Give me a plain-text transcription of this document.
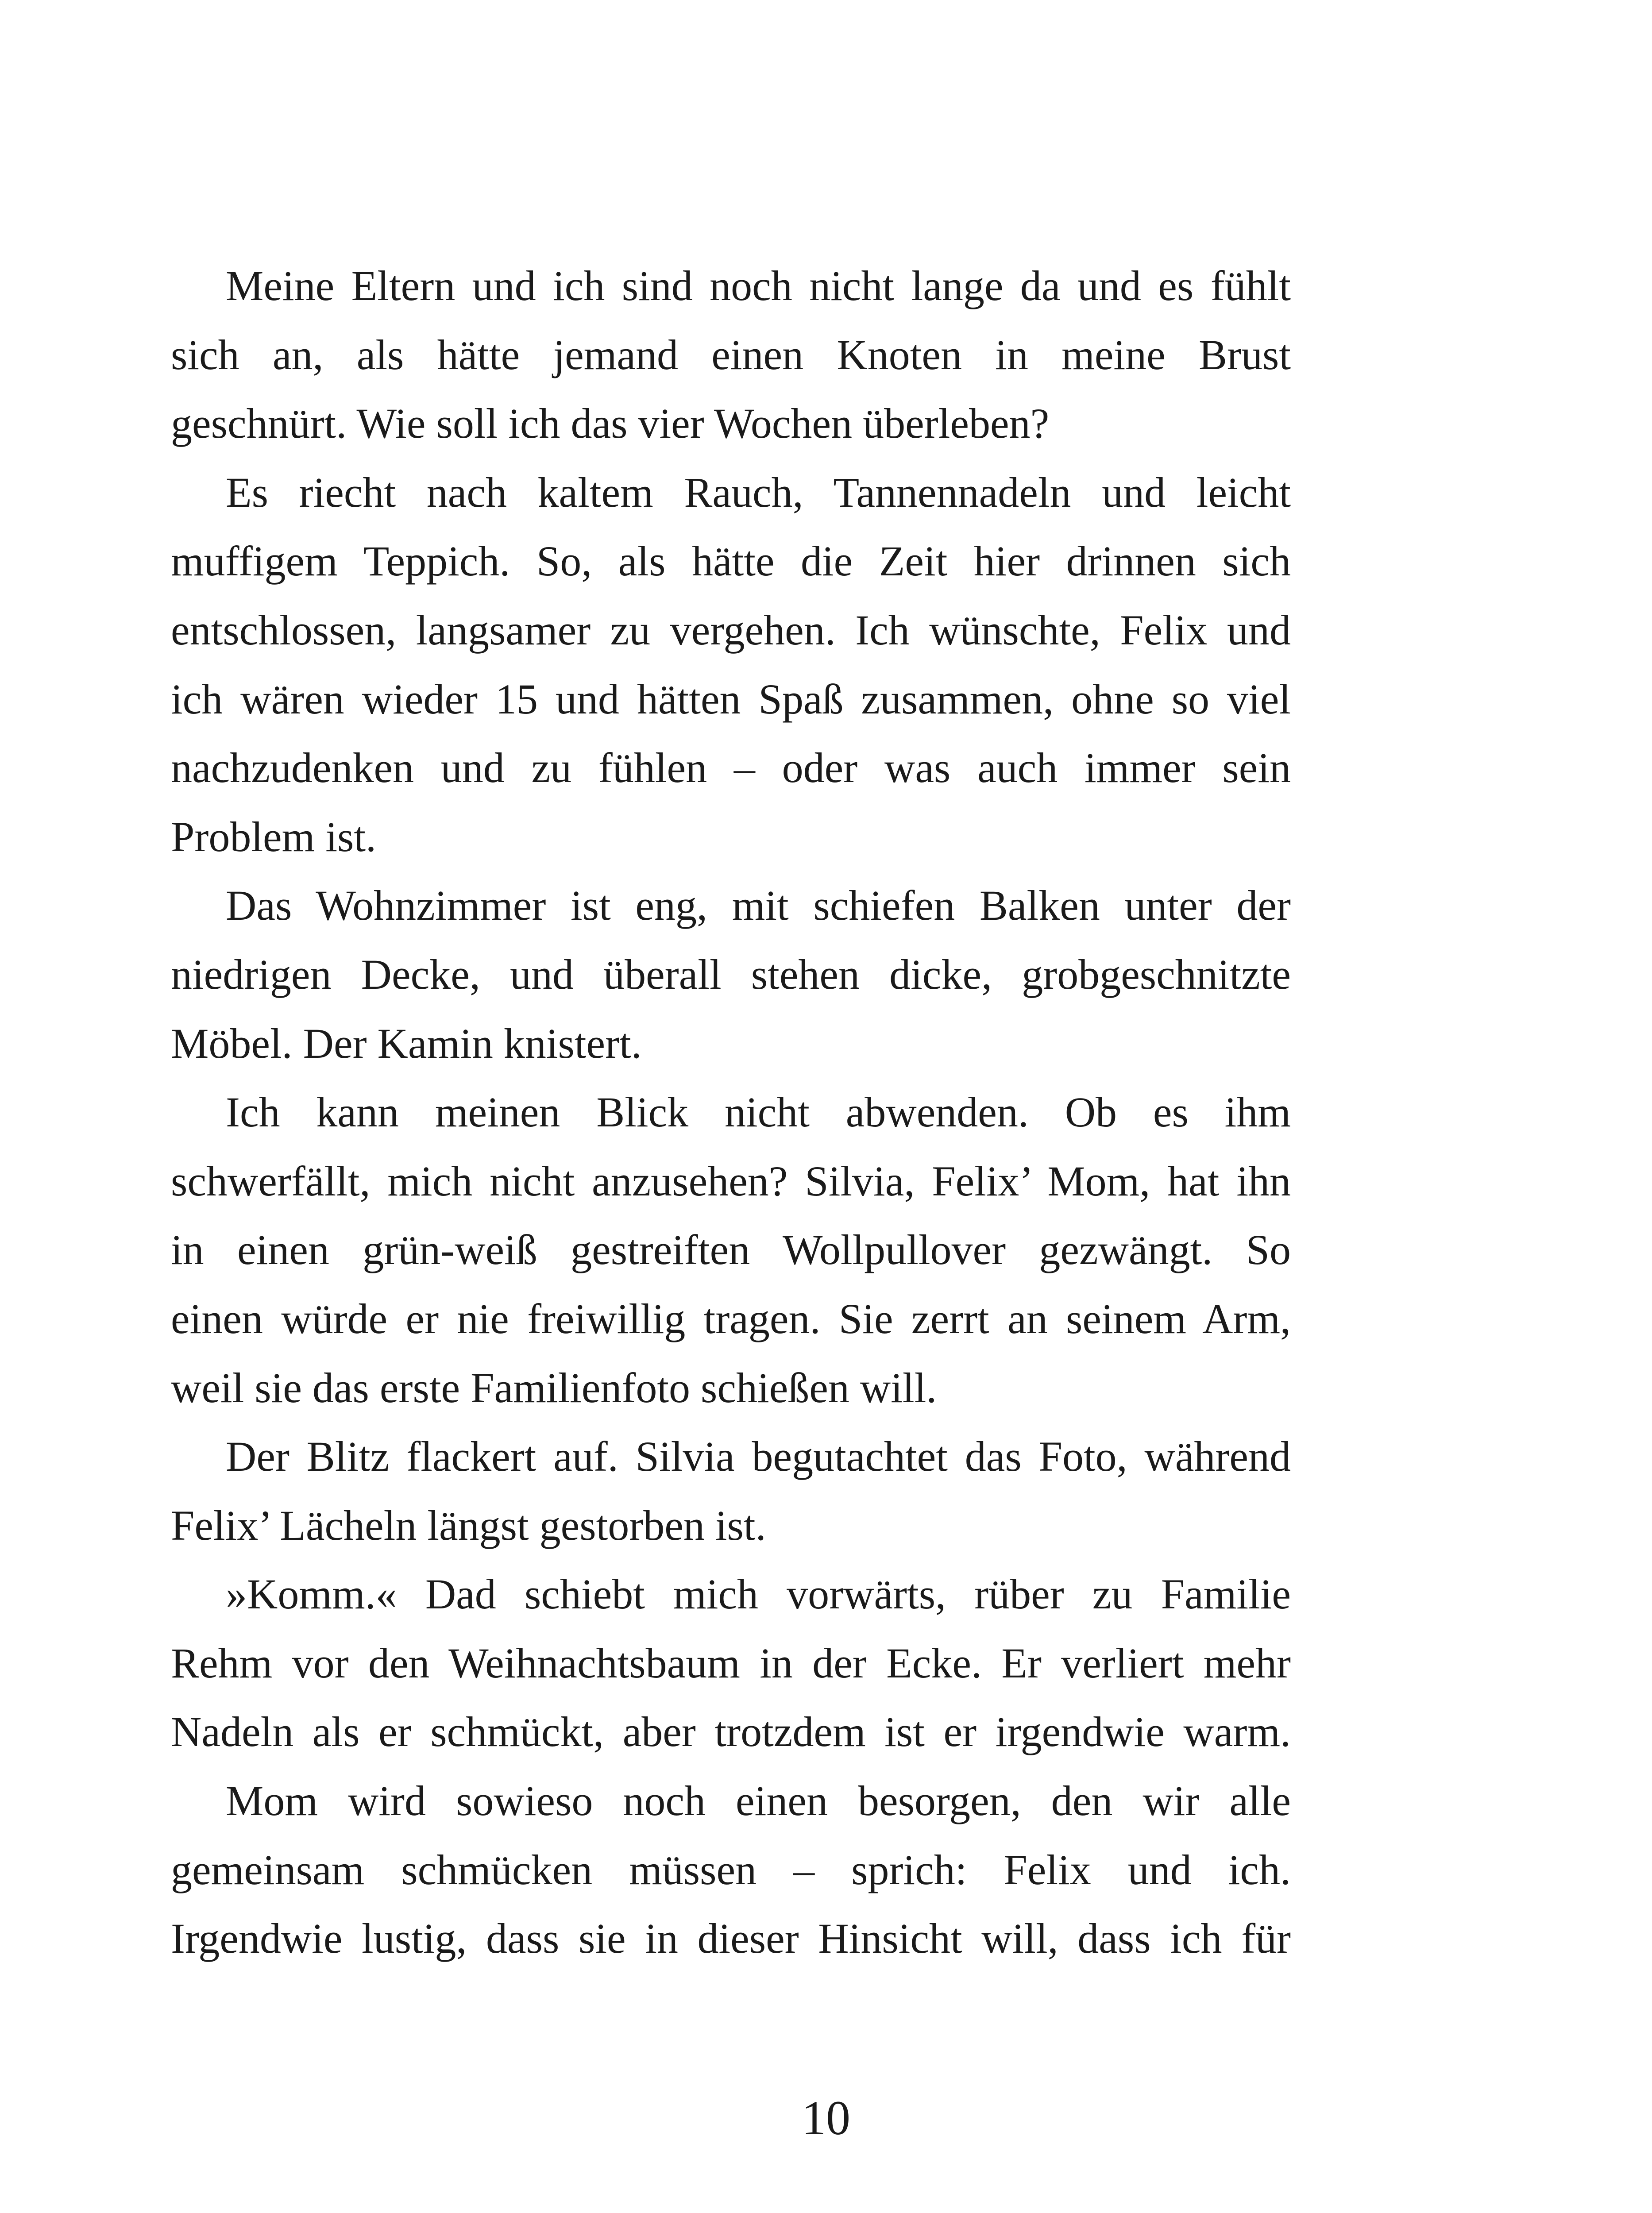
Meine Eltern und ich sind noch nicht lange da und es fühlt
sich an, als hätte jemand einen Knoten in meine Brust
geschnürt. Wie soll ich das vier Wochen überleben?
Es riecht nach kaltem Rauch, Tannennadeln und leicht
muffigem Teppich. So, als hätte die Zeit hier drinnen sich
entschlossen, langsamer zu vergehen. Ich wünschte, Felix und
ich wären wieder 15 und hätten Spaß zusammen, ohne so viel
nachzudenken und zu fühlen – oder was auch immer sein
Problem ist.
Das Wohnzimmer ist eng, mit schiefen Balken unter der
niedrigen Decke, und überall stehen dicke, grobgeschnitzte
Möbel. Der Kamin knistert.
Ich kann meinen Blick nicht abwenden. Ob es ihm
schwerfällt, mich nicht anzusehen? Silvia, Felix’ Mom, hat ihn
in einen grün-weiß gestreiften Wollpullover gezwängt. So
einen würde er nie freiwillig tragen. Sie zerrt an seinem Arm,
weil sie das erste Familienfoto schießen will.
Der Blitz flackert auf. Silvia begutachtet das Foto, während
Felix’ Lächeln längst gestorben ist.
»Komm.« Dad schiebt mich vorwärts, rüber zu Familie
Rehm vor den Weihnachtsbaum in der Ecke. Er verliert mehr
Nadeln als er schmückt, aber trotzdem ist er irgendwie warm.
Mom wird sowieso noch einen besorgen, den wir alle
gemeinsam schmücken müssen – sprich: Felix und ich.
Irgendwie lustig, dass sie in dieser Hinsicht will, dass ich für
10
